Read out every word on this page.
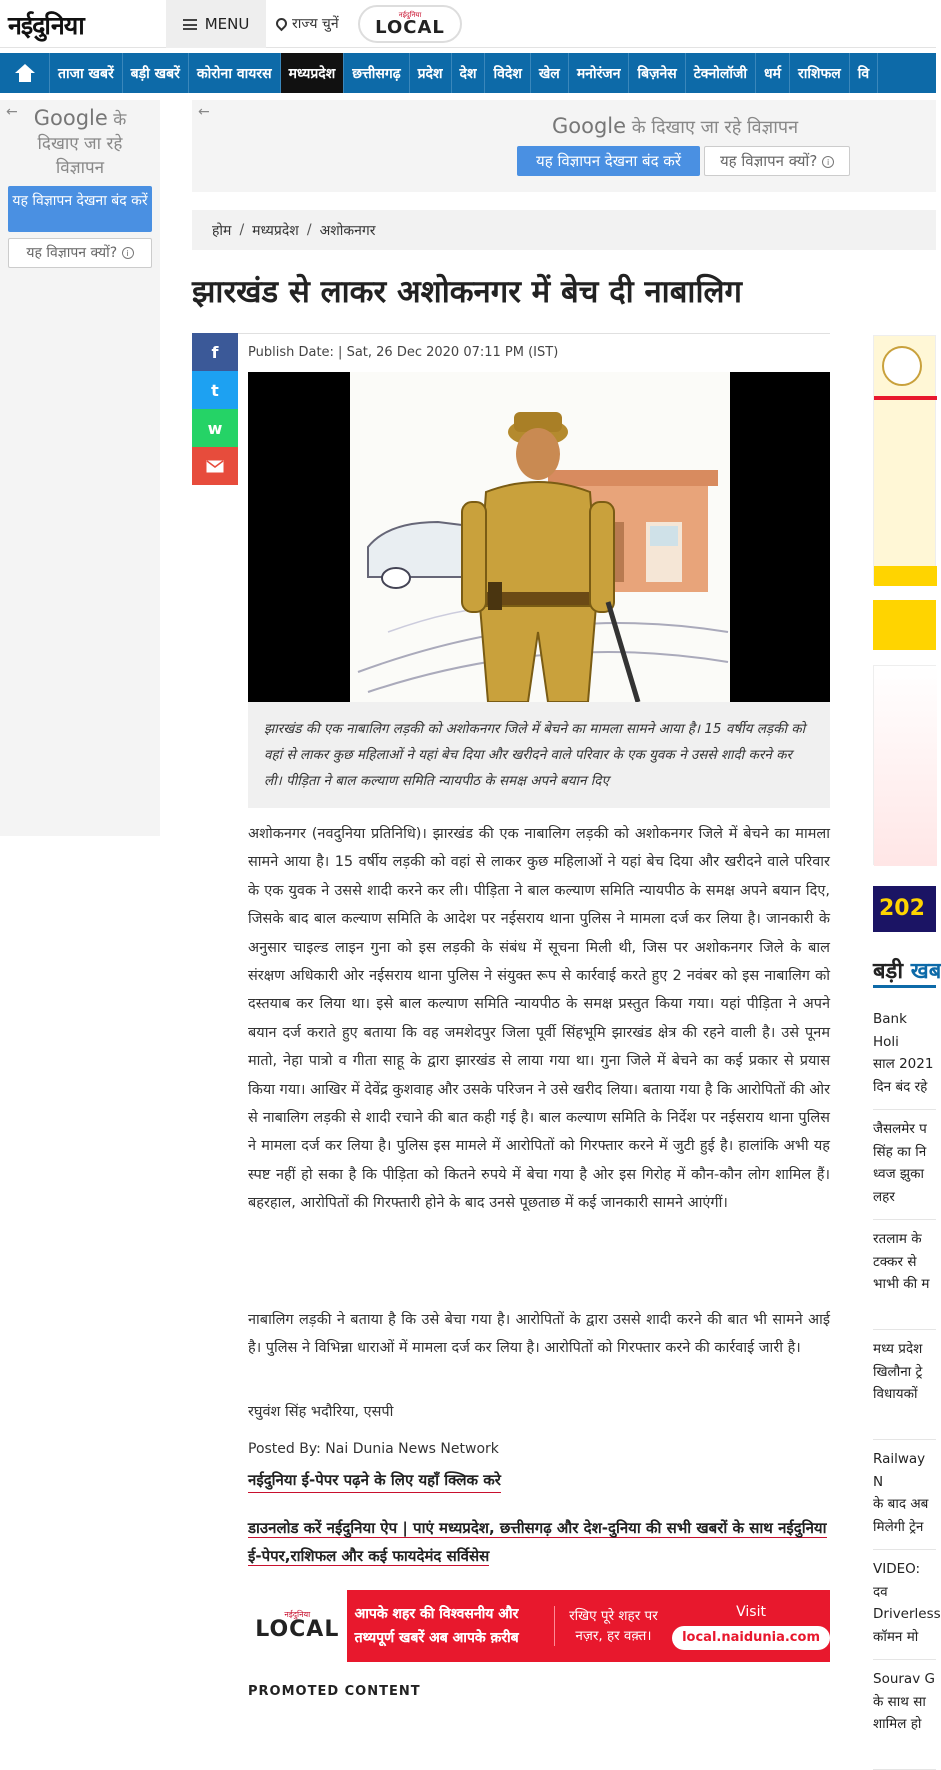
नईदुनिया	MENU	राज्य चुनें
नईदुनिया
LOCAL
ताजा खबरें	बड़ी खबरें	कोरोना वायरस	मध्यप्रदेश	छत्तीसगढ़	प्रदेश	देश	विदेश	खेल	मनोरंजन	बिज़नेस	टेक्नोलॉजी	धर्म	राशिफल	वि
← Google के दिखाए जा रहे विज्ञापन
यह विज्ञापन देखना बंद करें
यह विज्ञापन क्यों? i
←
Google के दिखाए जा रहे विज्ञापन
यह विज्ञापन देखना बंद करें	यह विज्ञापन क्यों? i
होम / मध्यप्रदेश / अशोकनगर
झारखंड से लाकर अशोकनगर में बेच दी नाबालिग
f
t
w
Publish Date: | Sat, 26 Dec 2020 07:11 PM (IST)
झारखंड की एक नाबालिग लड़की को अशोकनगर जिले में बेचने का मामला सामने आया है। 15 वर्षीय लड़की को वहां से लाकर कुछ महिलाओं ने यहां बेच दिया और खरीदने वाले परिवार के एक युवक ने उससे शादी करने कर ली। पीड़िता ने बाल कल्याण समिति न्यायपीठ के समक्ष अपने बयान दिए

अशोकनगर (नवदुनिया प्रतिनिधि)। झारखंड की एक नाबालिग लड़की को अशोकनगर जिले में बेचने का मामला सामने आया है। 15 वर्षीय लड़की को वहां से लाकर कुछ महिलाओं ने यहां बेच दिया और खरीदने वाले परिवार के एक युवक ने उससे शादी करने कर ली। पीड़िता ने बाल कल्याण समिति न्यायपीठ के समक्ष अपने बयान दिए, जिसके बाद बाल कल्याण समिति के आदेश पर नईसराय थाना पुलिस ने मामला दर्ज कर लिया है। जानकारी के अनुसार चाइल्ड लाइन गुना को इस लड़की के संबंध में सूचना मिली थी, जिस पर अशोकनगर जिले के बाल संरक्षण अधिकारी ओर नईसराय थाना पुलिस ने संयुक्त रूप से कार्रवाई करते हुए 2 नवंबर को इस नाबालिग को दस्तयाब कर लिया था। इसे बाल कल्याण समिति न्यायपीठ के समक्ष प्रस्तुत किया गया। यहां पीड़िता ने अपने बयान दर्ज कराते हुए बताया कि वह जमशेदपुर जिला पूर्वी सिंहभूमि झारखंड क्षेत्र की रहने वाली है। उसे पूनम मातो, नेहा पात्रो व गीता साहू के द्वारा झारखंड से लाया गया था। गुना जिले में बेचने का कई प्रकार से प्रयास किया गया। आखिर में देवेंद्र कुशवाह और उसके परिजन ने उसे खरीद लिया। बताया गया है कि आरोपितों की ओर से नाबालिग लड़की से शादी रचाने की बात कही गई है। बाल कल्याण समिति के निर्देश पर नईसराय थाना पुलिस ने मामला दर्ज कर लिया है। पुलिस इस मामले में आरोपितों को गिरफ्तार करने में जुटी हुई है। हालांकि अभी यह स्पष्ट नहीं हो सका है कि पीड़िता को कितने रुपये में बेचा गया है ओर इस गिरोह में कौन-कौन लोग शामिल हैं। बहरहाल, आरोपितों की गिरफ्तारी होने के बाद उनसे पूछताछ में कई जानकारी सामने आएंगीं।

नाबालिग लड़की ने बताया है कि उसे बेचा गया है। आरोपितों के द्वारा उससे शादी करने की बात भी सामने आई है। पुलिस ने विभिन्ना धाराओं में मामला दर्ज कर लिया है। आरोपितों को गिरफ्तार करने की कार्रवाई जारी है।

रघुवंश सिंह भदौरिया, एसपी
Posted By: Nai Dunia News Network
नईदुनिया ई-पेपर पढ़ने के लिए यहाँ क्लिक करे
डाउनलोड करें नईदुनिया ऐप | पाएं मध्यप्रदेश, छत्तीसगढ़ और देश-दुनिया की सभी खबरों के साथ नईदुनिया ई-पेपर,राशिफल और कई फायदेमंद सर्विसेस
नईदुनिया
LOCAL
आपके शहर की विश्वसनीय और
तथ्यपूर्ण खबरें अब आपके क़रीब
रखिए पूरे शहर पर नज़र, हर वक़्त।
Visit
local.naidunia.com
PROMOTED CONTENT
202
बड़ी खब
Bank Holi
साल 2021
दिन बंद रहे
जैसलमेर प
सिंह का नि
ध्वज झुका
लहर
रतलाम के
टक्कर से
भाभी की म
मध्य प्रदेश
खिलौना ट्रे
विधायकों
Railway N
के बाद अब
मिलेगी ट्रेन
VIDEO: दव
Driverless
कॉमन मो
Sourav G
के साथ सा
शामिल हो
